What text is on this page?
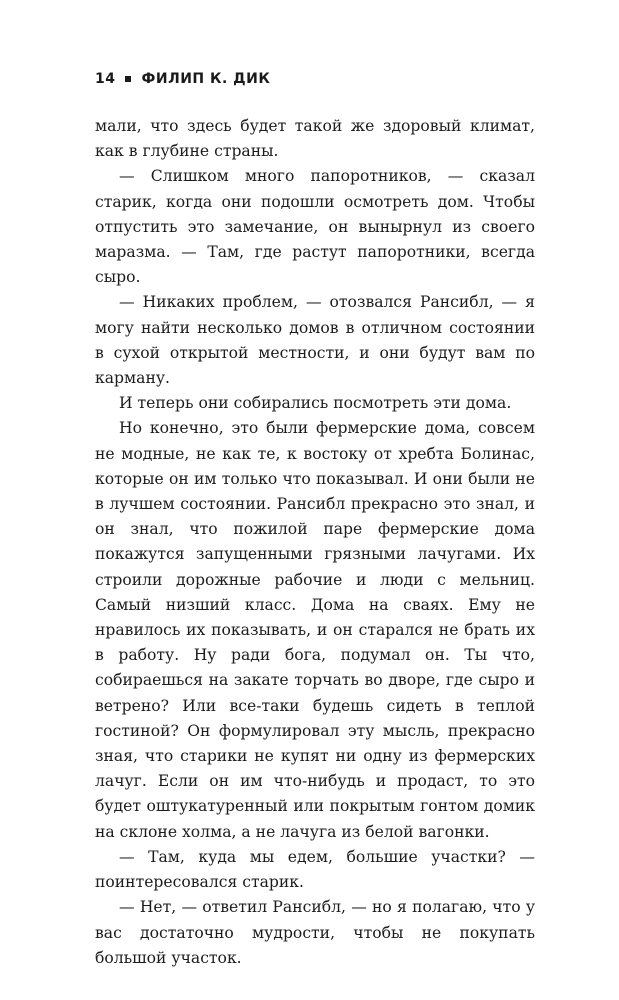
14 ФИЛИП К. ДИК

мали, что здесь будет такой же здоровый климат, как в глубине страны.

— Слишком много папоротников, — сказал старик, когда они подошли осмотреть дом. Чтобы отпустить это замечание, он вынырнул из своего маразма. — Там, где растут папоротники, всегда сыро.

— Никаких проблем, — отозвался Рансибл, — я могу найти несколько домов в отличном состоянии в сухой открытой местности, и они будут вам по карману.

И теперь они собирались посмотреть эти дома.

Но конечно, это были фермерские дома, совсем не модные, не как те, к востоку от хребта Болинас, которые он им только что показывал. И они были не в лучшем состоянии. Рансибл прекрасно это знал, и он знал, что пожилой паре фермерские дома покажутся запущенными грязными лачугами. Их строили дорожные рабочие и люди с мельниц. Самый низший класс. Дома на сваях. Ему не нравилось их показывать, и он старался не брать их в работу. Ну ради бога, подумал он. Ты что, собираешься на закате торчать во дворе, где сыро и ветрено? Или все-таки будешь сидеть в теплой гостиной? Он формулировал эту мысль, прекрасно зная, что старики не купят ни одну из фермерских лачуг. Если он им что-нибудь и продаст, то это будет оштукатуренный или покрытым гонтом домик на склоне холма, а не лачуга из белой вагонки.

— Там, куда мы едем, большие участки? — поинтересовался старик.

— Нет, — ответил Рансибл, — но я полагаю, что у вас достаточно мудрости, чтобы не покупать большой участок.
